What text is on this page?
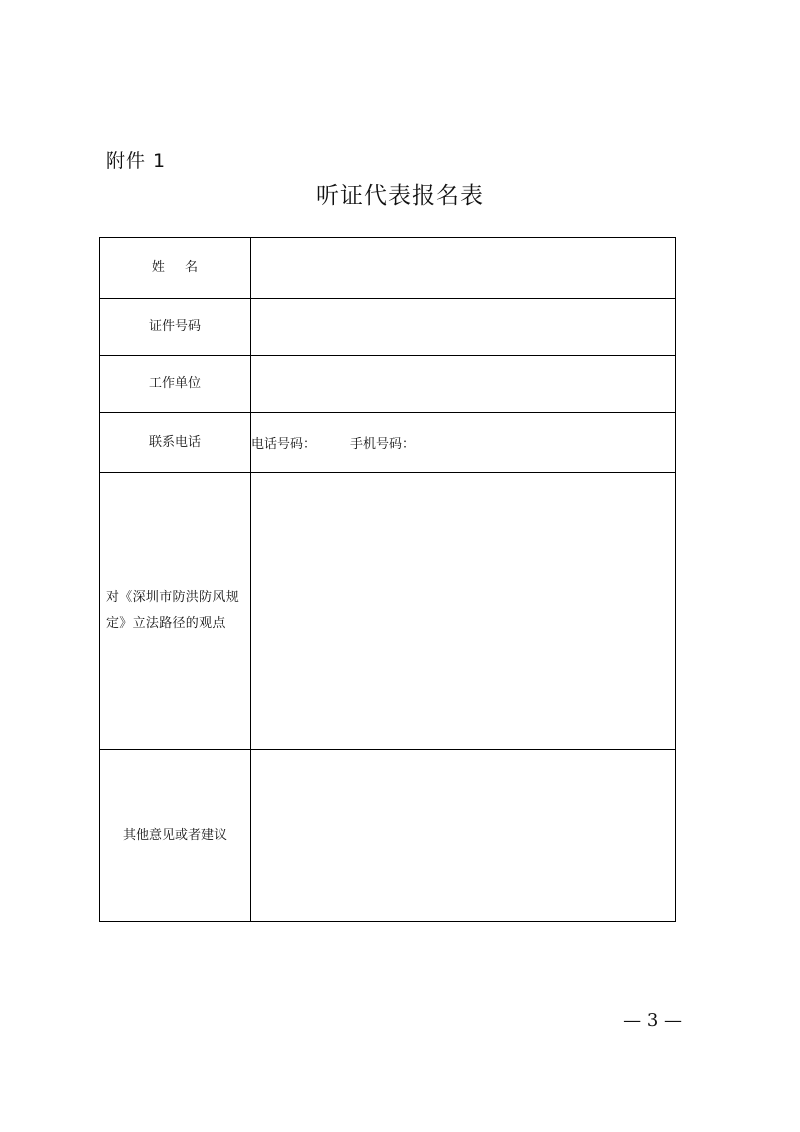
附件 1
听证代表报名表
姓 名	
证件号码	
工作单位	
联系电话	电话号码： 手机号码：
对《深圳市防洪防风规定》立法路径的观点	
其他意见或者建议	
— 3 —
